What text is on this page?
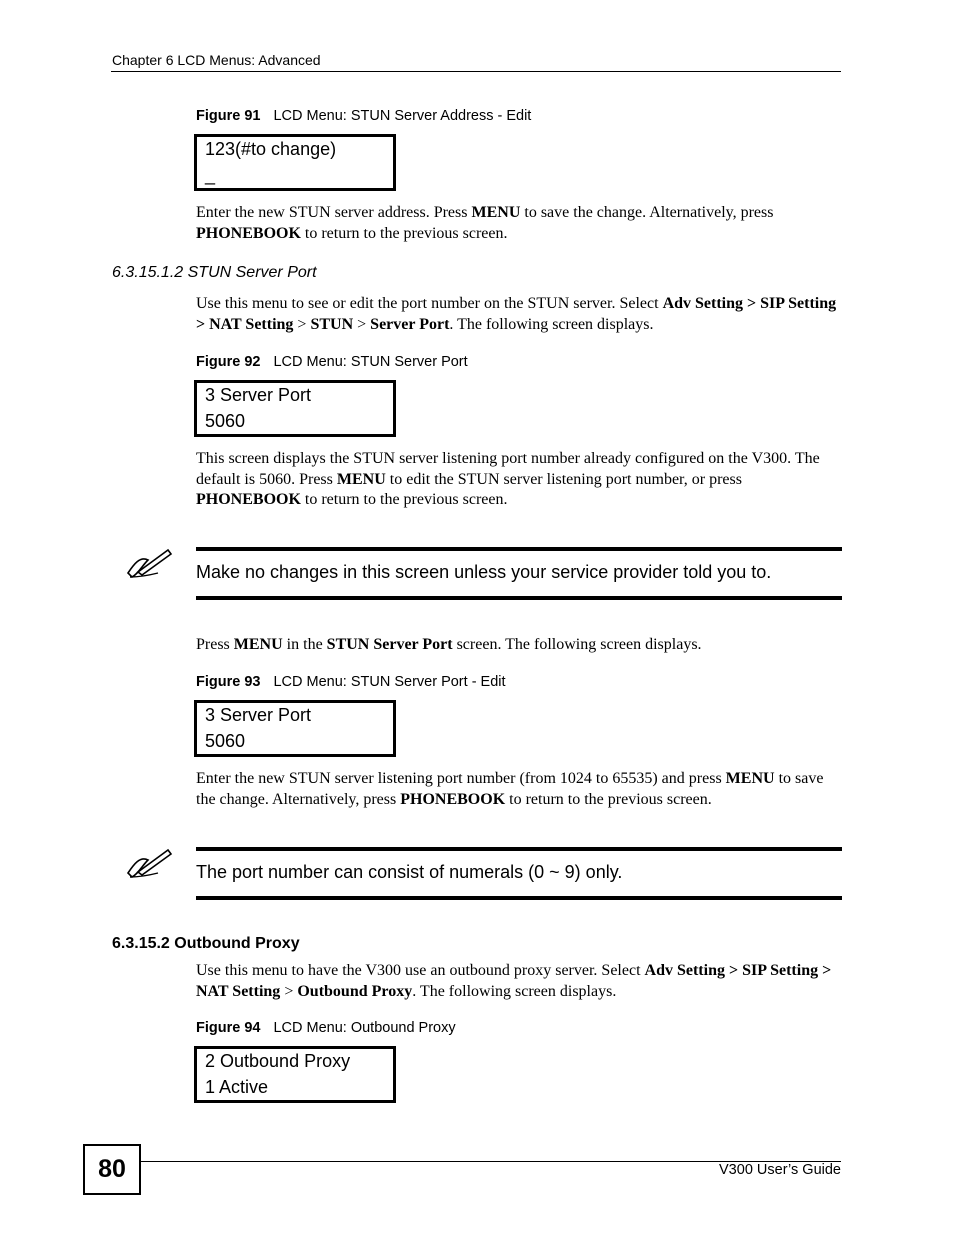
Chapter 6 LCD Menus: Advanced
Figure 91 LCD Menu: STUN Server Address - Edit
123(#to change)
_
Enter the new STUN server address. Press MENU to save the change. Alternatively, press PHONEBOOK to return to the previous screen.
6.3.15.1.2 STUN Server Port
Use this menu to see or edit the port number on the STUN server. Select Adv Setting > SIP Setting > NAT Setting > STUN > Server Port. The following screen displays.
Figure 92 LCD Menu: STUN Server Port
3 Server Port
5060
This screen displays the STUN server listening port number already configured on the V300. The default is 5060. Press MENU to edit the STUN server listening port number, or press PHONEBOOK to return to the previous screen.
Make no changes in this screen unless your service provider told you to.
Press MENU in the STUN Server Port screen. The following screen displays.
Figure 93 LCD Menu: STUN Server Port - Edit
3 Server Port
5060
Enter the new STUN server listening port number (from 1024 to 65535) and press MENU to save the change. Alternatively, press PHONEBOOK to return to the previous screen.
The port number can consist of numerals (0 ~ 9) only.
6.3.15.2 Outbound Proxy
Use this menu to have the V300 use an outbound proxy server. Select Adv Setting > SIP Setting > NAT Setting > Outbound Proxy. The following screen displays.
Figure 94 LCD Menu: Outbound Proxy
2 Outbound Proxy
1 Active
80	V300 User’s Guide
